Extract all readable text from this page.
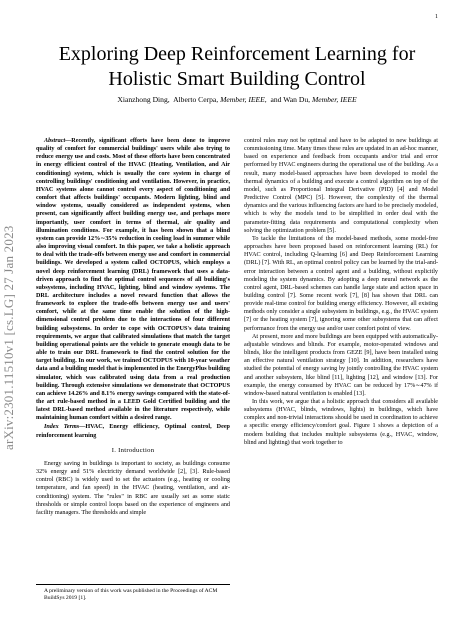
1
arXiv:2301.11510v1 [cs.LG] 27 Jan 2023
Exploring Deep Reinforcement Learning for Holistic Smart Building Control
Xianzhong Ding, Alberto Cerpa, Member, IEEE, and Wan Du, Member, IEEE

Abstract—Recently, significant efforts have been done to improve quality of comfort for commercial buildings' users while also trying to reduce energy use and costs. Most of these efforts have been concentrated in energy efficient control of the HVAC (Heating, Ventilation, and Air conditioning) system, which is usually the core system in charge of controlling buildings' conditioning and ventilation. However, in practice, HVAC systems alone cannot control every aspect of conditioning and comfort that affects buildings' occupants. Modern lighting, blind and window systems, usually considered as independent systems, when present, can significantly affect building energy use, and perhaps more importantly, user comfort in terms of thermal, air quality and illumination conditions. For example, it has been shown that a blind system can provide 12%∼35% reduction in cooling load in summer while also improving visual comfort. In this paper, we take a holistic approach to deal with the trade-offs between energy use and comfort in commercial buildings. We developed a system called OCTOPUS, which employs a novel deep reinforcement learning (DRL) framework that uses a data-driven approach to find the optimal control sequences of all building's subsystems, including HVAC, lighting, blind and window systems. The DRL architecture includes a novel reward function that allows the framework to explore the trade-offs between energy use and users' comfort, while at the same time enable the solution of the high-dimensional control problem due to the interactions of four different building subsystems. In order to cope with OCTOPUS's data training requirements, we argue that calibrated simulations that match the target building operational points are the vehicle to generate enough data to be able to train our DRL framework to find the control solution for the target building. In our work, we trained OCTOPUS with 10-year weather data and a building model that is implemented in the EnergyPlus building simulator, which was calibrated using data from a real production building. Through extensive simulations we demonstrate that OCTOPUS can achieve 14.26% and 8.1% energy savings compared with the state-of-the art rule-based method in a LEED Gold Certified building and the latest DRL-based method available in the literature respectively, while maintaining human comfort within a desired range.

Index Terms—HVAC, Energy efficiency, Optimal control, Deep reinforcement learning

I. Introduction

Energy saving in buildings is important to society, as buildings consume 32% energy and 51% electricity demand worldwide [2], [3]. Rule-based control (RBC) is widely used to set the actuators (e.g., heating or cooling temperature, and fan speed) in the HVAC (heating, ventilation, and air-conditioning) system. The "rules" in RBC are usually set as some static thresholds or simple control loops based on the experience of engineers and facility managers. The thresholds and simple

A preliminary version of this work was published in the Proceedings of ACM BuildSys 2019 [1].

control rules may not be optimal and have to be adapted to new buildings at commissioning time. Many times these rules are updated in an ad-hoc manner, based on experience and feedback from occupants and/or trial and error performed by HVAC engineers during the operational use of the building. As a result, many model-based approaches have been developed to model the thermal dynamics of a building and execute a control algorithm on top of the model, such as Proportional Integral Derivative (PID) [4] and Model Predictive Control (MPC) [5]. However, the complexity of the thermal dynamics and the various influencing factors are hard to be precisely modeled, which is why the models tend to be simplified in order deal with the parameter-fitting data requirements and computational complexity when solving the optimization problem [5].

To tackle the limitations of the model-based methods, some model-free approaches have been proposed based on reinforcement learning (RL) for HVAC control, including Q-learning [6] and Deep Reinforcement Learning (DRL) [7]. With RL, an optimal control policy can be learned by the trial-and-error interaction between a control agent and a building, without explicitly modeling the system dynamics. By adopting a deep neural network as the control agent, DRL-based schemes can handle large state and action space in building control [7]. Some recent work [7], [8] has shown that DRL can provide real-time control for building energy efficiency. However, all existing methods only consider a single subsystem in buildings, e.g., the HVAC system [7] or the heating system [7], ignoring some other subsystems that can affect performance from the energy use and/or user comfort point of view.

At present, more and more buildings are been equipped with automatically-adjustable windows and blinds. For example, motor-operated windows and blinds, like the intelligent products from GEZE [9], have been installed using an effective natural ventilation strategy [10]. In addition, researchers have studied the potential of energy saving by jointly controlling the HVAC system and another subsystem, like blind [11], lighting [12], and window [13]. For example, the energy consumed by HVAC can be reduced by 17%∼47% if window-based natural ventilation is enabled [13].

In this work, we argue that a holistic approach that considers all available subsystems (HVAC, blinds, windows, lights) in buildings, which have complex and non-trivial interactions should be used in coordination to achieve a specific energy efficiency/comfort goal. Figure 1 shows a depiction of a modern building that includes multiple subsystems (e.g., HVAC, window, blind and lighting) that work together to
